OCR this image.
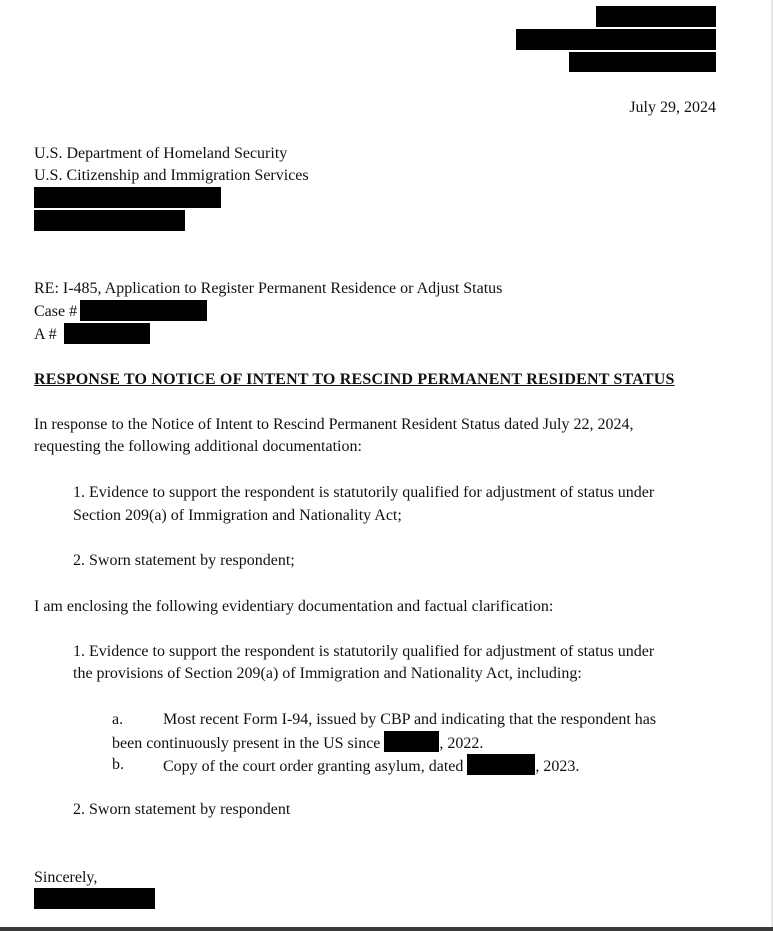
July 29, 2024
U.S. Department of Homeland Security
U.S. Citizenship and Immigration Services
RE: I-485, Application to Register Permanent Residence or Adjust Status
Case #
A #
RESPONSE TO NOTICE OF INTENT TO RESCIND PERMANENT RESIDENT STATUS
In response to the Notice of Intent to Rescind Permanent Resident Status dated July 22, 2024,
requesting the following additional documentation:
1. Evidence to support the respondent is statutorily qualified for adjustment of status under
Section 209(a) of Immigration and Nationality Act;
2. Sworn statement by respondent;
I am enclosing the following evidentiary documentation and factual clarification:
1. Evidence to support the respondent is statutorily qualified for adjustment of status under
the provisions of Section 209(a) of Immigration and Nationality Act, including:
a. Most recent Form I-94, issued by CBP and indicating that the respondent has
been continuously present in the US since	, 2022.
b. Copy of the court order granting asylum, dated	, 2023.
2. Sworn statement by respondent
Sincerely,
